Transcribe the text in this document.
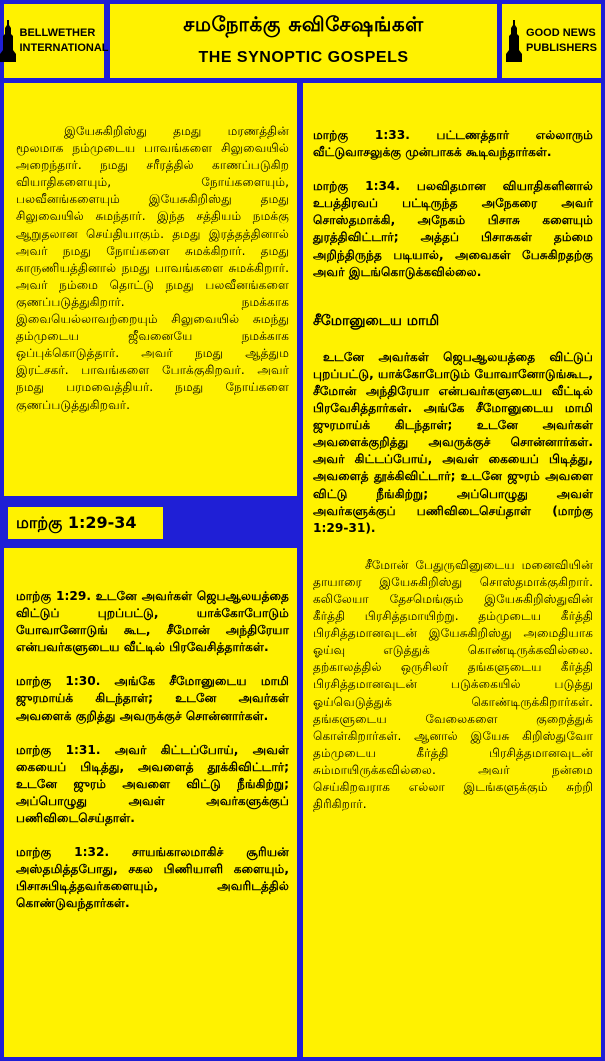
BELLWETHER
INTERNATIONAL
சமநோக்கு சுவிசேஷங்கள்
THE SYNOPTIC GOSPELS
GOOD NEWS
PUBLISHERS

இயேசுகிறிஸ்து தமது மரணத்தின் மூலமாக நம்முடைய பாவங்களை சிலுவையில் அறைந்தார். நமது சரீரத்தில் காணப்படுகிற வியாதிகளையும், நோய்களையும், பலவீனங்களையும் இயேசுகிறிஸ்து தமது சிலுவையில் சுமந்தார். இந்த சத்தியம் நமக்கு ஆறுதலான செய்தியாகும். தமது இரத்தத்தினால் அவர் நமது நோய்களை சுமக்கிறார். தமது காருணியத்தினால் நமது பாவங்களை சுமக்கிறார். அவர் நம்மை தொட்டு நமது பலவீனங்களை குணப்படுத்துகிறார். நமக்காக இவையெல்லாவற்றையும் சிலுவையில் சுமந்து தம்முடைய ஜீவனையே நமக்காக ஒப்புக்கொடுத்தார். அவர் நமது ஆத்தும இரட்சகர். பாவங்களை போக்குகிறவர். அவர் நமது பரமவைத்தியர். நமது நோய்களை குணப்படுத்துகிறவர்.

மாற்கு 1:29-34

மாற்கு 1:29. உடனே அவர்கள் ஜெபஆலயத்தை விட்டுப் புறப்பட்டு, யாக்கோபோடும் யோவானோடுங் கூட, சீமோன் அந்திரேயா என்பவர்களுடைய வீட்டில் பிரவேசித்தார்கள்.

மாற்கு 1:30. அங்கே சீமோனுடைய மாமி ஜுரமாய்க் கிடந்தாள்; உடனே அவர்கள் அவளைக் குறித்து அவருக்குச் சொன்னார்கள்.

மாற்கு 1:31. அவர் கிட்டப்போய், அவள் கையைப் பிடித்து, அவளைத் தூக்கிவிட்டார்; உடனே ஜுரம் அவளை விட்டு நீங்கிற்று; அப்பொழுது அவள் அவர்களுக்குப் பணிவிடைசெய்தாள்.

மாற்கு 1:32. சாயங்காலமாகிச் சூரியன் அஸ்தமித்தபோது, சகல பிணியாளி களையும், பிசாசுபிடித்தவர்களையும், அவரிடத்தில் கொண்டுவந்தார்கள்.

மாற்கு 1:33. பட்டணத்தார் எல்லாரும் வீட்டுவாசலுக்கு முன்பாகக் கூடிவந்தார்கள்.

மாற்கு 1:34. பலவிதமான வியாதிகளினால் உபத்திரவப் பட்டிருந்த அநேகரை அவர் சொஸ்தமாக்கி, அநேகம் பிசாசு களையும் துரத்திவிட்டார்; அத்தப் பிசாசுகள் தம்மை அறிந்திருந்த படியால், அவைகள் பேசுகிறதற்கு அவர் இடங்கொடுக்கவில்லை.

சீமோனுடைய மாமி

உடனே அவர்கள் ஜெபஆலயத்தை விட்டுப் புறப்பட்டு, யாக்கோபோடும் யோவானோடுங்கூட, சீமோன் அந்திரேயா என்பவர்களுடைய வீட்டில் பிரவேசித்தார்கள். அங்கே சீமோனுடைய மாமி ஜுரமாய்க் கிடந்தாள்; உடனே அவர்கள் அவளைக்குறித்து அவருக்குச் சொன்னார்கள். அவர் கிட்டப்போய், அவள் கையைப் பிடித்து, அவளைத் தூக்கிவிட்டார்; உடனே ஜுரம் அவளை விட்டு நீங்கிற்று; அப்பொழுது அவள் அவர்களுக்குப் பணிவிடைசெய்தாள் (மாற்கு 1:29-31).

சீமோன் பேதுருவினுடைய மனைவியின் தாயாரை இயேசுகிறிஸ்து சொஸ்தமாக்குகிறார். கலிலேயா தேசமெங்கும் இயேசுகிறிஸ்துவின் கீர்த்தி பிரசித்தமாயிற்று. தம்முடைய கீர்த்தி பிரசித்தமானவுடன் இயேசுகிறிஸ்து அமைதியாக ஓய்வு எடுத்துக் கொண்டிருக்கவில்லை. தற்காலத்தில் ஒருசிலர் தங்களுடைய கீர்த்தி பிரசித்தமானவுடன் படுக்கையில் படுத்து ஓய்வெடுத்துக் கொண்டிருக்கிறார்கள். தங்களுடைய வேலைகளை குறைத்துக் கொள்கிறார்கள். ஆனால் இயேசு கிறிஸ்துவோ தம்முடைய கீர்த்தி பிரசித்தமானவுடன் சும்மாயிருக்கவில்லை. அவர் நன்மை செய்கிறவராக எல்லா இடங்களுக்கும் சுற்றி திரிகிறார்.
